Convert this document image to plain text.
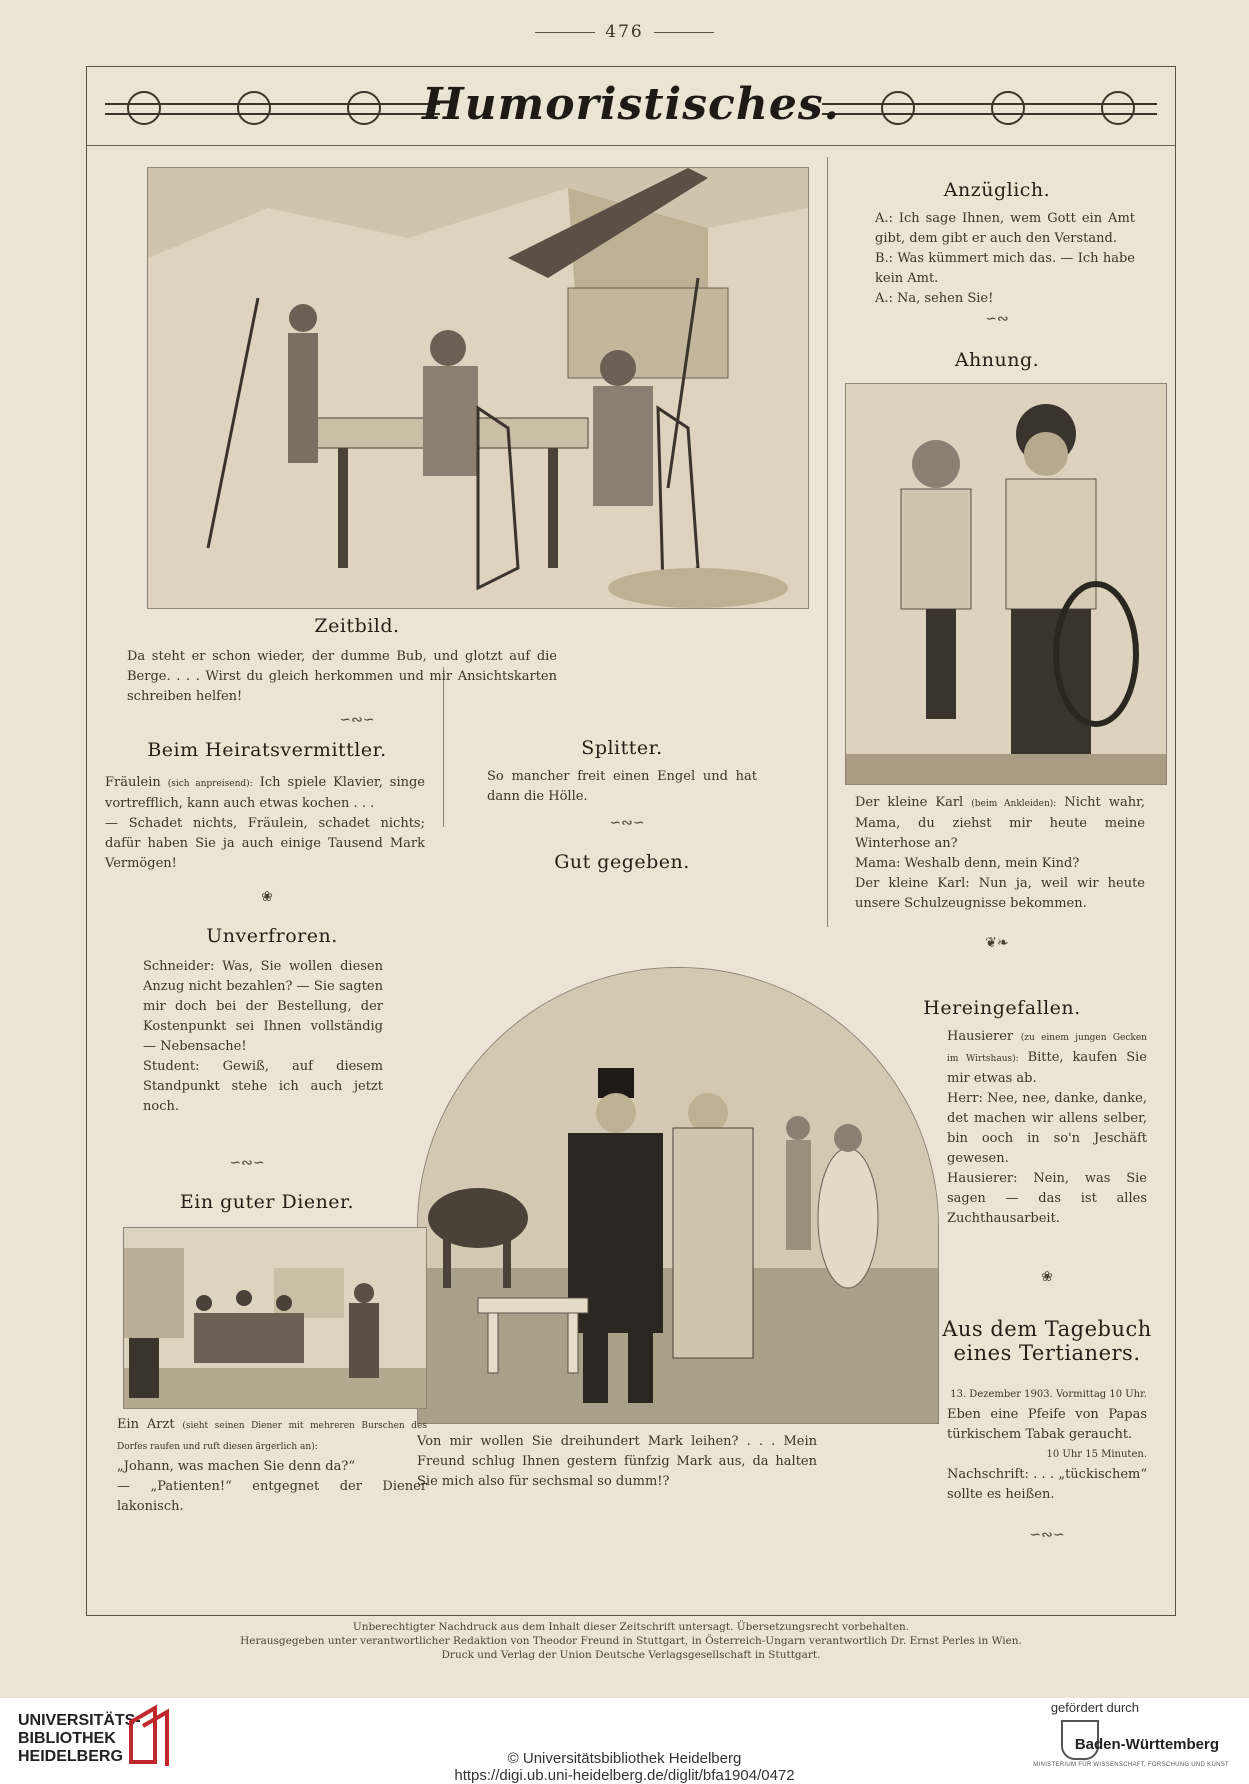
476
Humoristisches.
Zeitbild.
Da steht er schon wieder, der dumme Bub, und glotzt auf die Berge. . . . Wirst du gleich herkommen und mir Ansichtskarten schreiben helfen!
∽∾∽
Anzüglich.

A.: Ich sage Ihnen, wem Gott ein Amt gibt, dem gibt er auch den Verstand.

B.: Was kümmert mich das. — Ich habe kein Amt.

A.: Na, sehen Sie!

∽∾
Ahnung.

Der kleine Karl (beim Ankleiden): Nicht wahr, Mama, du ziehst mir heute meine Winterhose an?

Mama: Weshalb denn, mein Kind?

Der kleine Karl: Nun ja, weil wir heute unsere Schulzeugnisse bekommen.

❦❧
Beim Heiratsvermittler.

Fräulein (sich anpreisend): Ich spiele Klavier, singe vortrefflich, kann auch etwas kochen . . .

— Schadet nichts, Fräulein, schadet nichts; dafür haben Sie ja auch einige Tausend Mark Vermögen!

❀
Splitter.
So mancher freit einen Engel und hat dann die Hölle.
∽∾∽
Gut gegeben.
Von mir wollen Sie dreihundert Mark leihen? . . . Mein Freund schlug Ihnen gestern fünfzig Mark aus, da halten Sie mich also für sechsmal so dumm!?
Unverfroren.

Schneider: Was, Sie wollen diesen Anzug nicht bezahlen? — Sie sagten mir doch bei der Bestellung, der Kostenpunkt sei Ihnen vollständig — Nebensache!

Student: Gewiß, auf diesem Standpunkt stehe ich auch jetzt noch.

∽∾∽
Ein guter Diener.

Ein Arzt (sieht seinen Diener mit mehreren Burschen des Dorfes raufen und ruft diesen ärgerlich an):

„Johann, was machen Sie denn da?“

— „Patienten!“ entgegnet der Diener lakonisch.

Hereingefallen.

Hausierer (zu einem jungen Gecken im Wirtshaus): Bitte, kaufen Sie mir etwas ab.

Herr: Nee, nee, danke, danke, det machen wir allens selber, bin ooch in so'n Jeschäft gewesen.

Hausierer: Nein, was Sie sagen — das ist alles Zuchthausarbeit.

❀
Aus dem Tagebuch
eines Tertianers.

13. Dezember 1903. Vormittag 10 Uhr.

Eben eine Pfeife von Papas türkischem Tabak geraucht.

10 Uhr 15 Minuten.

Nachschrift: . . . „tückischem“ sollte es heißen.

∽∾∽
Unberechtigter Nachdruck aus dem Inhalt dieser Zeitschrift untersagt. Übersetzungsrecht vorbehalten.
Herausgegeben unter verantwortlicher Redaktion von Theodor Freund in Stuttgart, in Österreich-Ungarn verantwortlich Dr. Ernst Perles in Wien.
Druck und Verlag der Union Deutsche Verlagsgesellschaft in Stuttgart.
UNIVERSITÄTS-
BIBLIOTHEK
HEIDELBERG	© Universitätsbibliothek Heidelberg
https://digi.ub.uni-heidelberg.de/diglit/bfa1904/0472
gefördert durch
Baden-Württemberg
MINISTERIUM FÜR WISSENSCHAFT, FORSCHUNG UND KUNST
